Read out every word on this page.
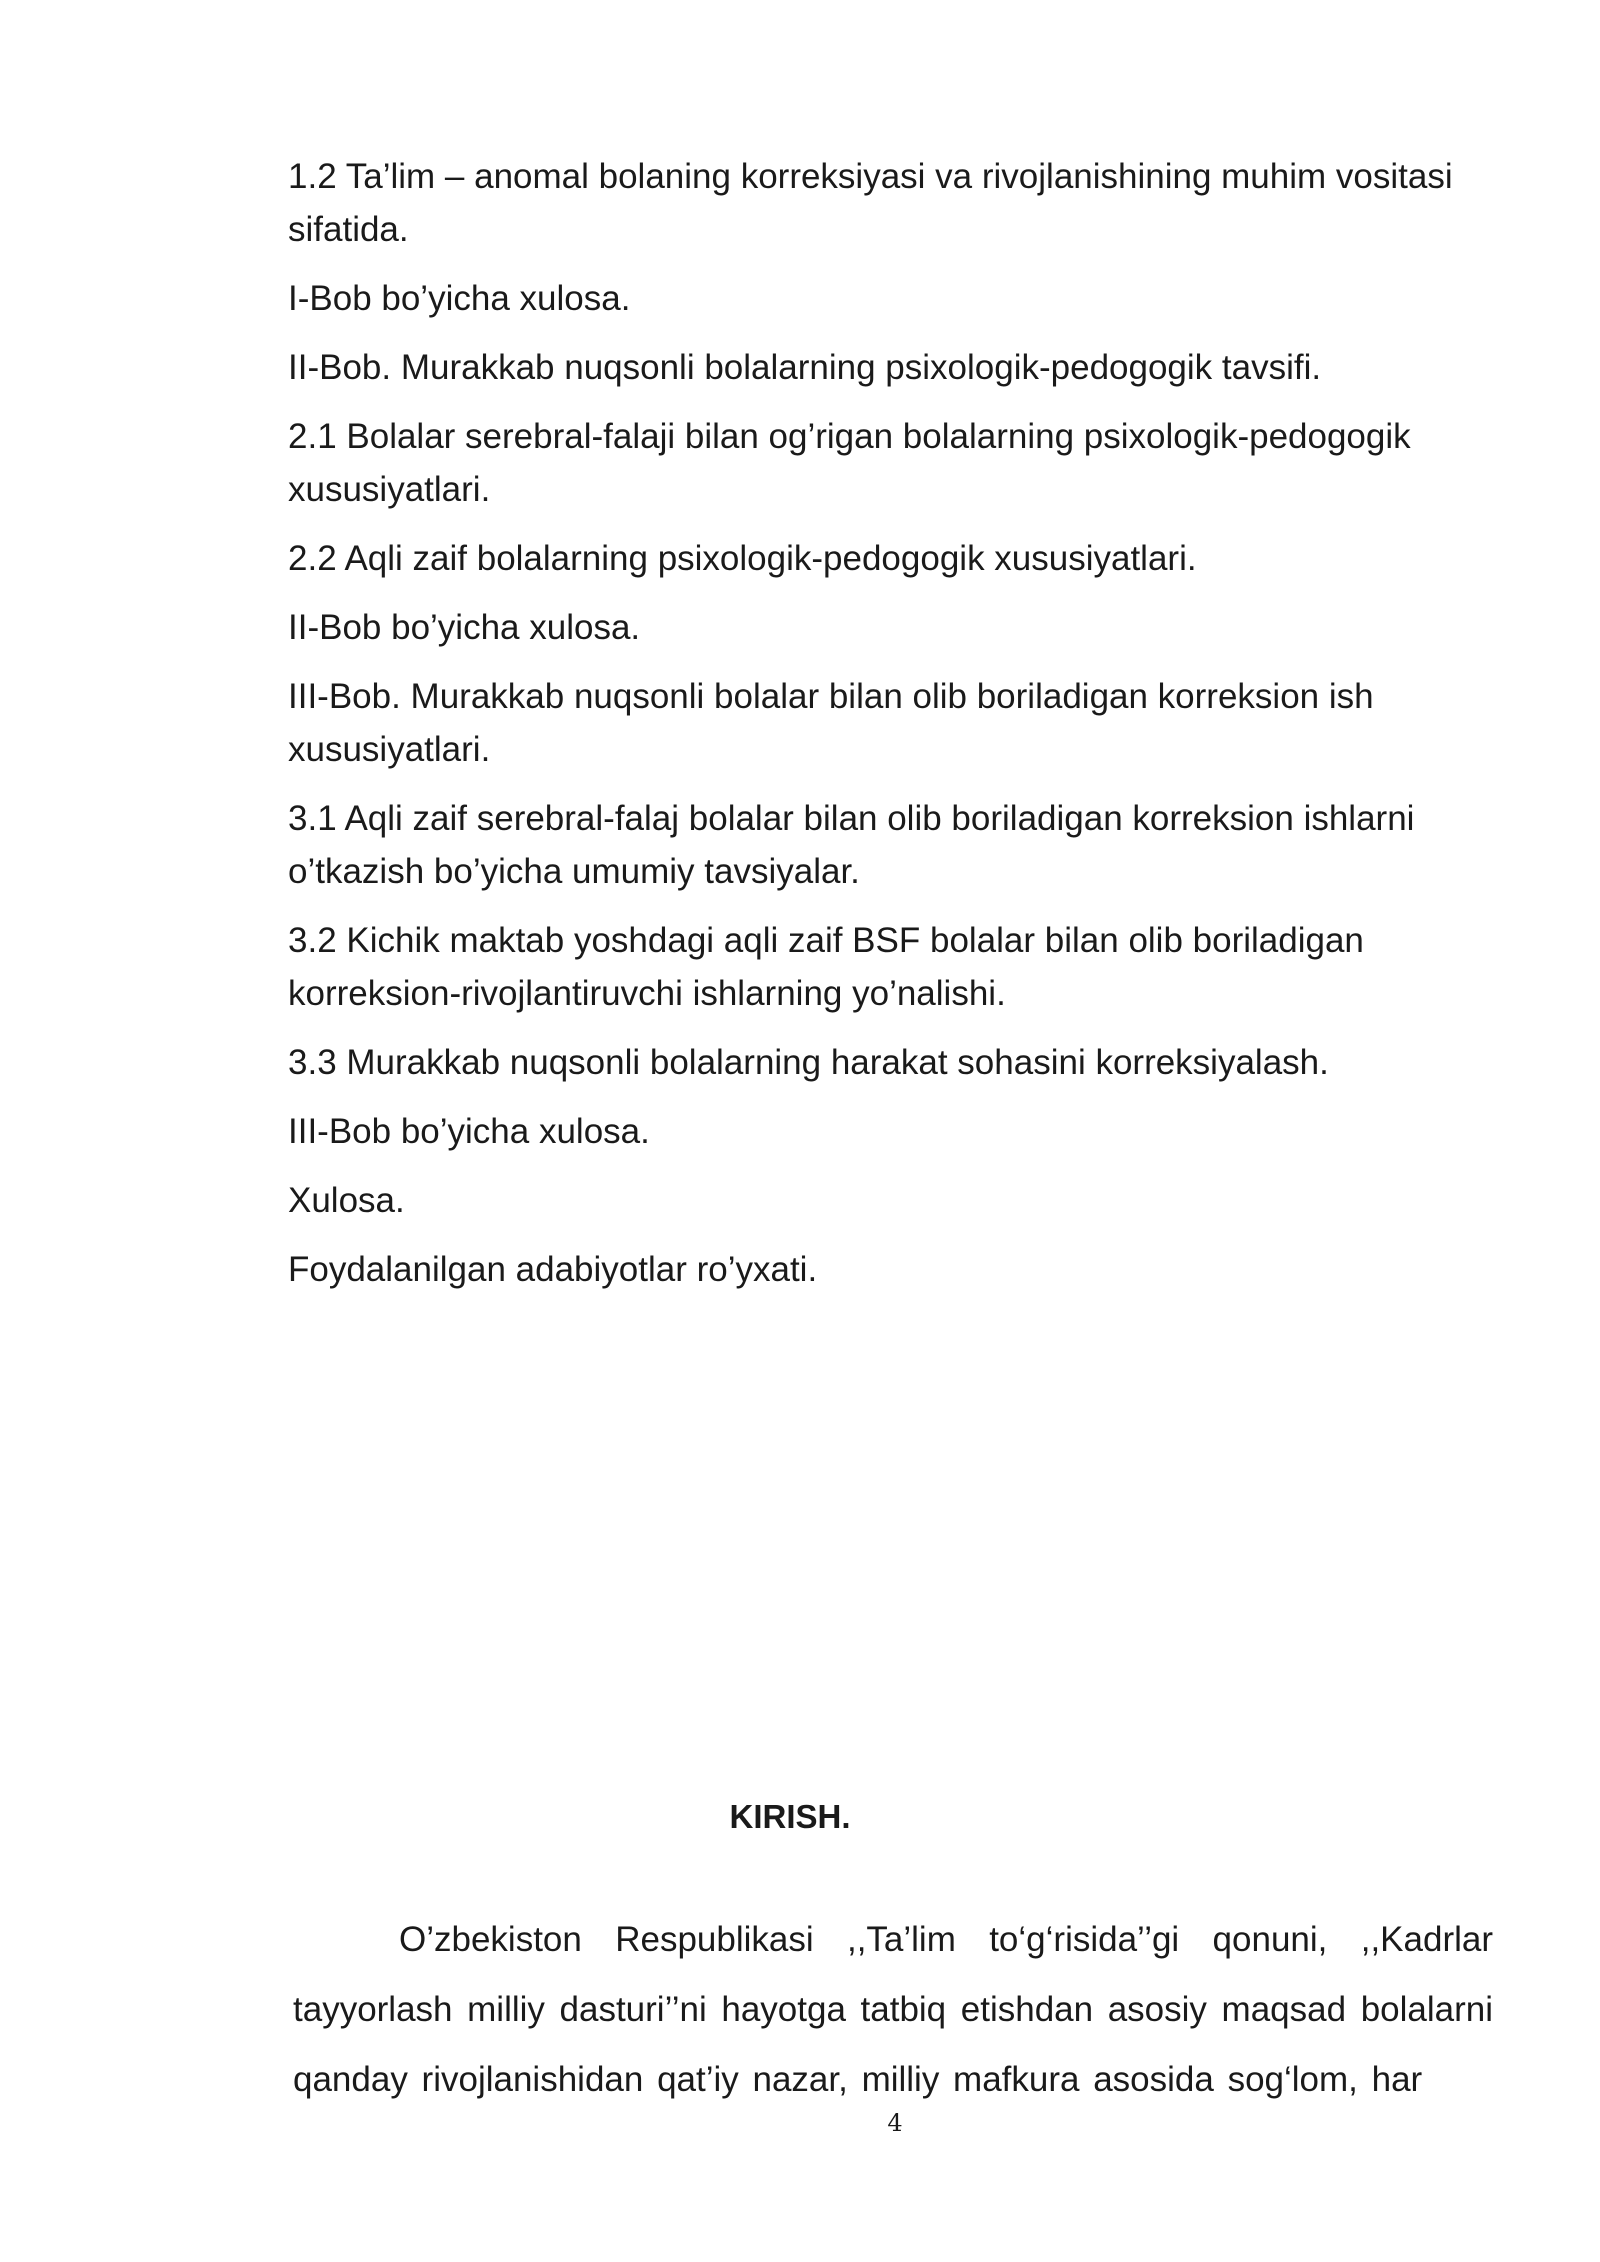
1.2 Ta’lim – anomal bolaning korreksiyasi va rivojlanishining muhim vositasi sifatida.

I-Bob bo’yicha xulosa.

II-Bob. Murakkab nuqsonli bolalarning psixologik-pedogogik tavsifi.

2.1 Bolalar serebral-falaji bilan og’rigan bolalarning psixologik-pedogogik xususiyatlari.

2.2 Aqli zaif bolalarning psixologik-pedogogik xususiyatlari.

II-Bob bo’yicha xulosa.

III-Bob. Murakkab nuqsonli bolalar bilan olib boriladigan korreksion ish xususiyatlari.

3.1 Aqli zaif serebral-falaj bolalar bilan olib boriladigan korreksion ishlarni o’tkazish bo’yicha umumiy tavsiyalar.

3.2 Kichik maktab yoshdagi aqli zaif BSF bolalar bilan olib boriladigan korreksion-rivojlantiruvchi ishlarning yo’nalishi.

3.3 Murakkab nuqsonli bolalarning harakat sohasini korreksiyalash.

III-Bob bo’yicha xulosa.

Xulosa.

Foydalanilgan adabiyotlar ro’yxati.

KIRISH.

O’zbekiston Respublikasi ,,Ta’lim to‘g‘risida’’gi qonuni, ,,Kadrlar tayyorlash milliy dasturi’’ni hayotga tatbiq etishdan asosiy maqsad bolalarni qanday rivojlanishidan qat’iy nazar, milliy mafkura asosida sog‘lom, har

4
